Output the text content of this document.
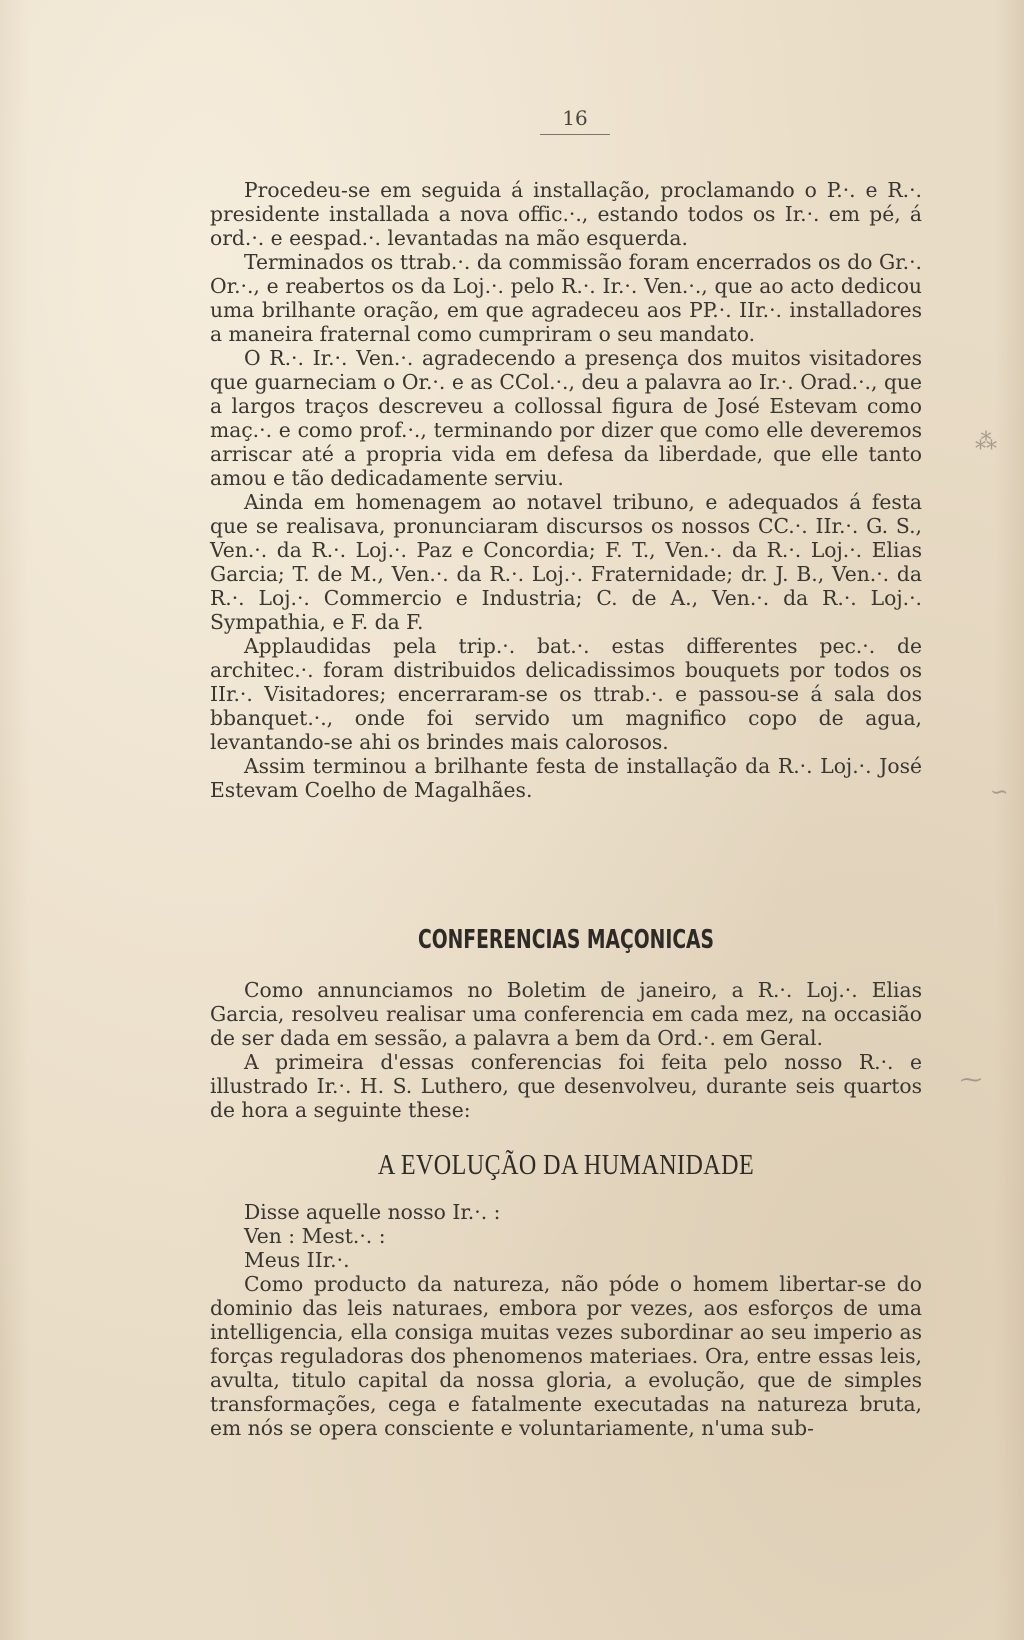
16

Procedeu-se em seguida á installação, proclamando o P.·. e R.·. presidente installada a nova offic.·., estando todos os Ir.·. em pé, á ord.·. e eespad.·. levantadas na mão esquerda.

Terminados os ttrab.·. da commissão foram encerrados os do Gr.·. Or.·., e reabertos os da Loj.·. pelo R.·. Ir.·. Ven.·., que ao acto dedicou uma brilhante oração, em que agradeceu aos PP.·. IIr.·. installadores a maneira fraternal como cumpriram o seu mandato.

O R.·. Ir.·. Ven.·. agradecendo a presença dos muitos visitadores que guarneciam o Or.·. e as CCol.·., deu a palavra ao Ir.·. Orad.·., que a largos traços descreveu a collossal figura de José Estevam como maç.·. e como prof.·., terminando por dizer que como elle deveremos arriscar até a propria vida em defesa da liberdade, que elle tanto amou e tão dedicadamente serviu.

Ainda em homenagem ao notavel tribuno, e adequados á festa que se realisava, pronunciaram discursos os nossos CC.·. IIr.·. G. S., Ven.·. da R.·. Loj.·. Paz e Concordia; F. T., Ven.·. da R.·. Loj.·. Elias Garcia; T. de M., Ven.·. da R.·. Loj.·. Fraternidade; dr. J. B., Ven.·. da R.·. Loj.·. Commercio e Industria; C. de A., Ven.·. da R.·. Loj.·. Sympathia, e F. da F.

Applaudidas pela trip.·. bat.·. estas differentes pec.·. de architec.·. foram distribuidos delicadissimos bouquets por todos os IIr.·. Visitadores; encerraram-se os ttrab.·. e passou-se á sala dos bbanquet.·., onde foi servido um magnifico copo de agua, levantando-se ahi os brindes mais calorosos.

Assim terminou a brilhante festa de installação da R.·. Loj.·. José Estevam Coelho de Magalhães.

CONFERENCIAS MAÇONICAS

Como annunciamos no Boletim de janeiro, a R.·. Loj.·. Elias Garcia, resolveu realisar uma conferencia em cada mez, na occasião de ser dada em sessão, a palavra a bem da Ord.·. em Geral.

A primeira d'essas conferencias foi feita pelo nosso R.·. e illustrado Ir.·. H. S. Luthero, que desenvolveu, durante seis quartos de hora a seguinte these:

A EVOLUÇÃO DA HUMANIDADE

Disse aquelle nosso Ir.·. :

Ven : Mest.·. :

Meus IIr.·.

Como producto da natureza, não póde o homem libertar-se do dominio das leis naturaes, embora por vezes, aos esforços de uma intelligencia, ella consiga muitas vezes subordinar ao seu imperio as forças reguladoras dos phenomenos materiaes. Ora, entre essas leis, avulta, titulo capital da nossa gloria, a evolução, que de simples transformações, cega e fatalmente executadas na natureza bruta, em nós se opera consciente e voluntariamente, n'uma sub-

⁂
∽
⁓
